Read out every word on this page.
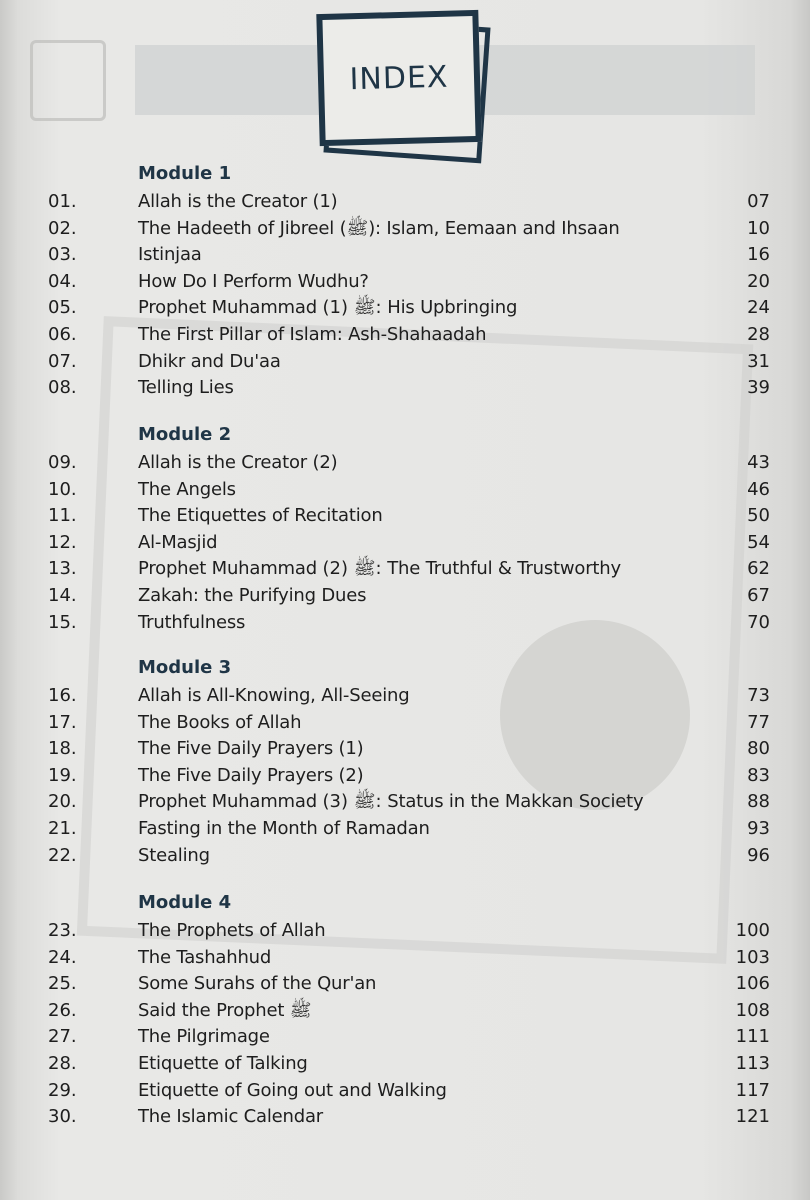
INDEX
Module 1
01.	Allah is the Creator (1)	07
02.	The Hadeeth of Jibreel (ﷺ): Islam, Eemaan and Ihsaan	10
03.	Istinjaa	16
04.	How Do I Perform Wudhu?	20
05.	Prophet Muhammad ﷺ (1): His Upbringing	24
06.	The First Pillar of Islam: Ash-Shahaadah	28
07.	Dhikr and Du'aa	31
08.	Telling Lies	39
Module 2
09.	Allah is the Creator (2)	43
10.	The Angels	46
11.	The Etiquettes of Recitation	50
12.	Al-Masjid	54
13.	Prophet Muhammad ﷺ (2): The Truthful & Trustworthy	62
14.	Zakah: the Purifying Dues	67
15.	Truthfulness	70
Module 3
16.	Allah is All-Knowing, All-Seeing	73
17.	The Books of Allah	77
18.	The Five Daily Prayers (1)	80
19.	The Five Daily Prayers (2)	83
20.	Prophet Muhammad ﷺ (3): Status in the Makkan Society	88
21.	Fasting in the Month of Ramadan	93
22.	Stealing	96
Module 4
23.	The Prophets of Allah	100
24.	The Tashahhud	103
25.	Some Surahs of the Qur'an	106
26.	Said the Prophet ﷺ	108
27.	The Pilgrimage	111
28.	Etiquette of Talking	113
29.	Etiquette of Going out and Walking	117
30.	The Islamic Calendar	121
